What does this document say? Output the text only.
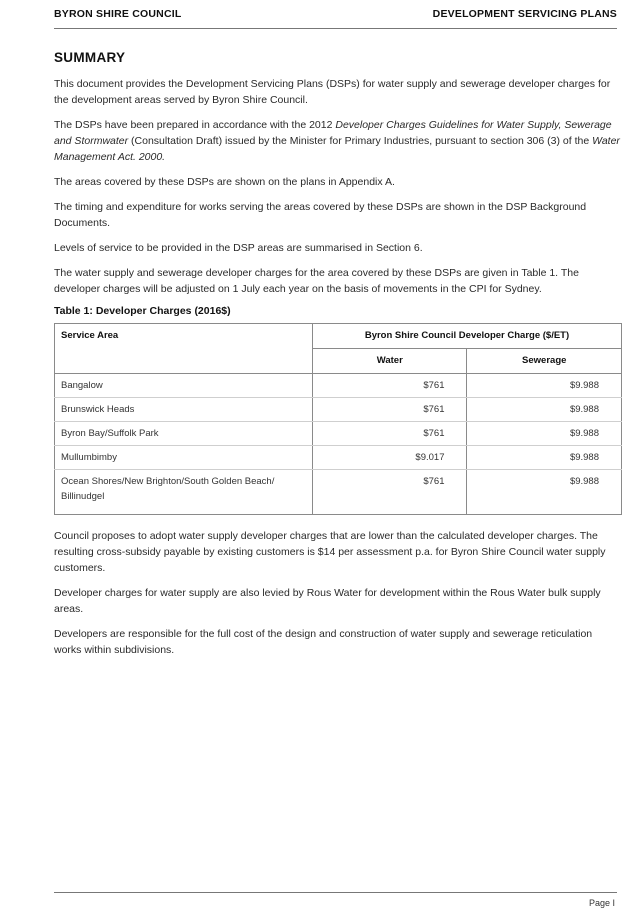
BYRON SHIRE COUNCIL	DEVELOPMENT SERVICING PLANS
SUMMARY

This document provides the Development Servicing Plans (DSPs) for water supply and sewerage developer charges for the development areas served by Byron Shire Council.

The DSPs have been prepared in accordance with the 2012 Developer Charges Guidelines for Water Supply, Sewerage and Stormwater (Consultation Draft) issued by the Minister for Primary Industries, pursuant to section 306 (3) of the Water Management Act. 2000.

The areas covered by these DSPs are shown on the plans in Appendix A.

The timing and expenditure for works serving the areas covered by these DSPs are shown in the DSP Background Documents.

Levels of service to be provided in the DSP areas are summarised in Section 6.

The water supply and sewerage developer charges for the area covered by these DSPs are given in Table 1. The developer charges will be adjusted on 1 July each year on the basis of movements in the CPI for Sydney.

Table 1: Developer Charges (2016$)
Service Area	Byron Shire Council Developer Charge ($/ET)	
	Water	Sewerage
Bangalow	$761	$9.988
Brunswick Heads	$761	$9.988
Byron Bay/Suffolk Park	$761	$9.988
Mullumbimby	$9.017	$9.988
Ocean Shores/New Brighton/South Golden Beach/ Billinudgel	$761	$9.988

Council proposes to adopt water supply developer charges that are lower than the calculated developer charges. The resulting cross-subsidy payable by existing customers is $14 per assessment p.a. for Byron Shire Council water supply customers.

Developer charges for water supply are also levied by Rous Water for development within the Rous Water bulk supply areas.

Developers are responsible for the full cost of the design and construction of water supply and sewerage reticulation works within subdivisions.

Page I
